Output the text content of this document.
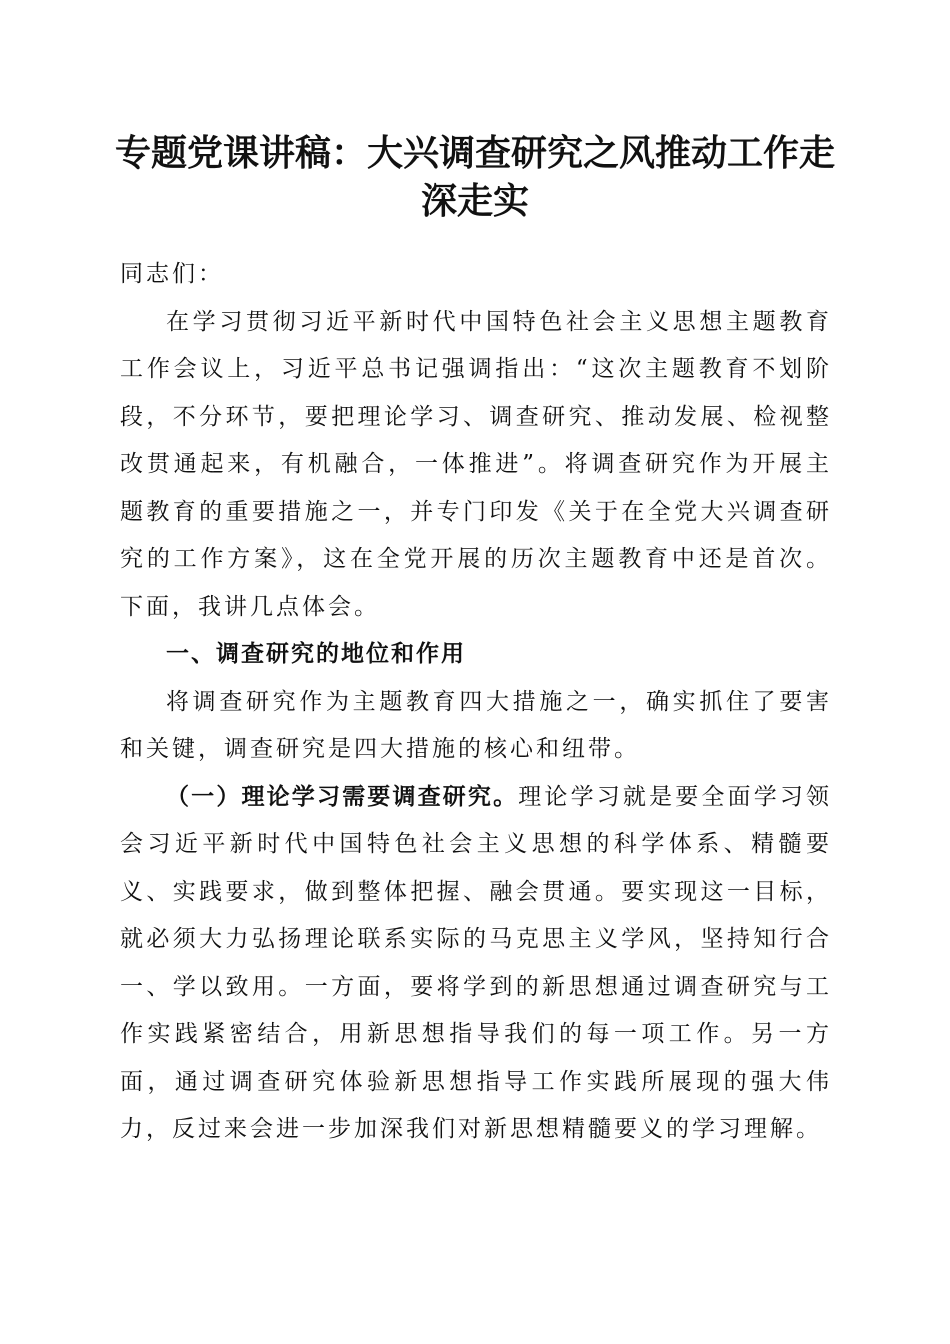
专题党课讲稿：大兴调查研究之风推动工作走深走实

同志们：

在学习贯彻习近平新时代中国特色社会主义思想主题教育工作会议上，习近平总书记强调指出：“这次主题教育不划阶段，不分环节，要把理论学习、调查研究、推动发展、检视整改贯通起来，有机融合，一体推进”。将调查研究作为开展主题教育的重要措施之一，并专门印发《关于在全党大兴调查研究的工作方案》，这在全党开展的历次主题教育中还是首次。下面，我讲几点体会。

一、调查研究的地位和作用

将调查研究作为主题教育四大措施之一，确实抓住了要害和关键，调查研究是四大措施的核心和纽带。

（一）理论学习需要调查研究。理论学习就是要全面学习领会习近平新时代中国特色社会主义思想的科学体系、精髓要义、实践要求，做到整体把握、融会贯通。要实现这一目标，就必须大力弘扬理论联系实际的马克思主义学风，坚持知行合一、学以致用。一方面，要将学到的新思想通过调查研究与工作实践紧密结合，用新思想指导我们的每一项工作。另一方面，通过调查研究体验新思想指导工作实践所展现的强大伟力，反过来会进一步加深我们对新思想精髓要义的学习理解。
